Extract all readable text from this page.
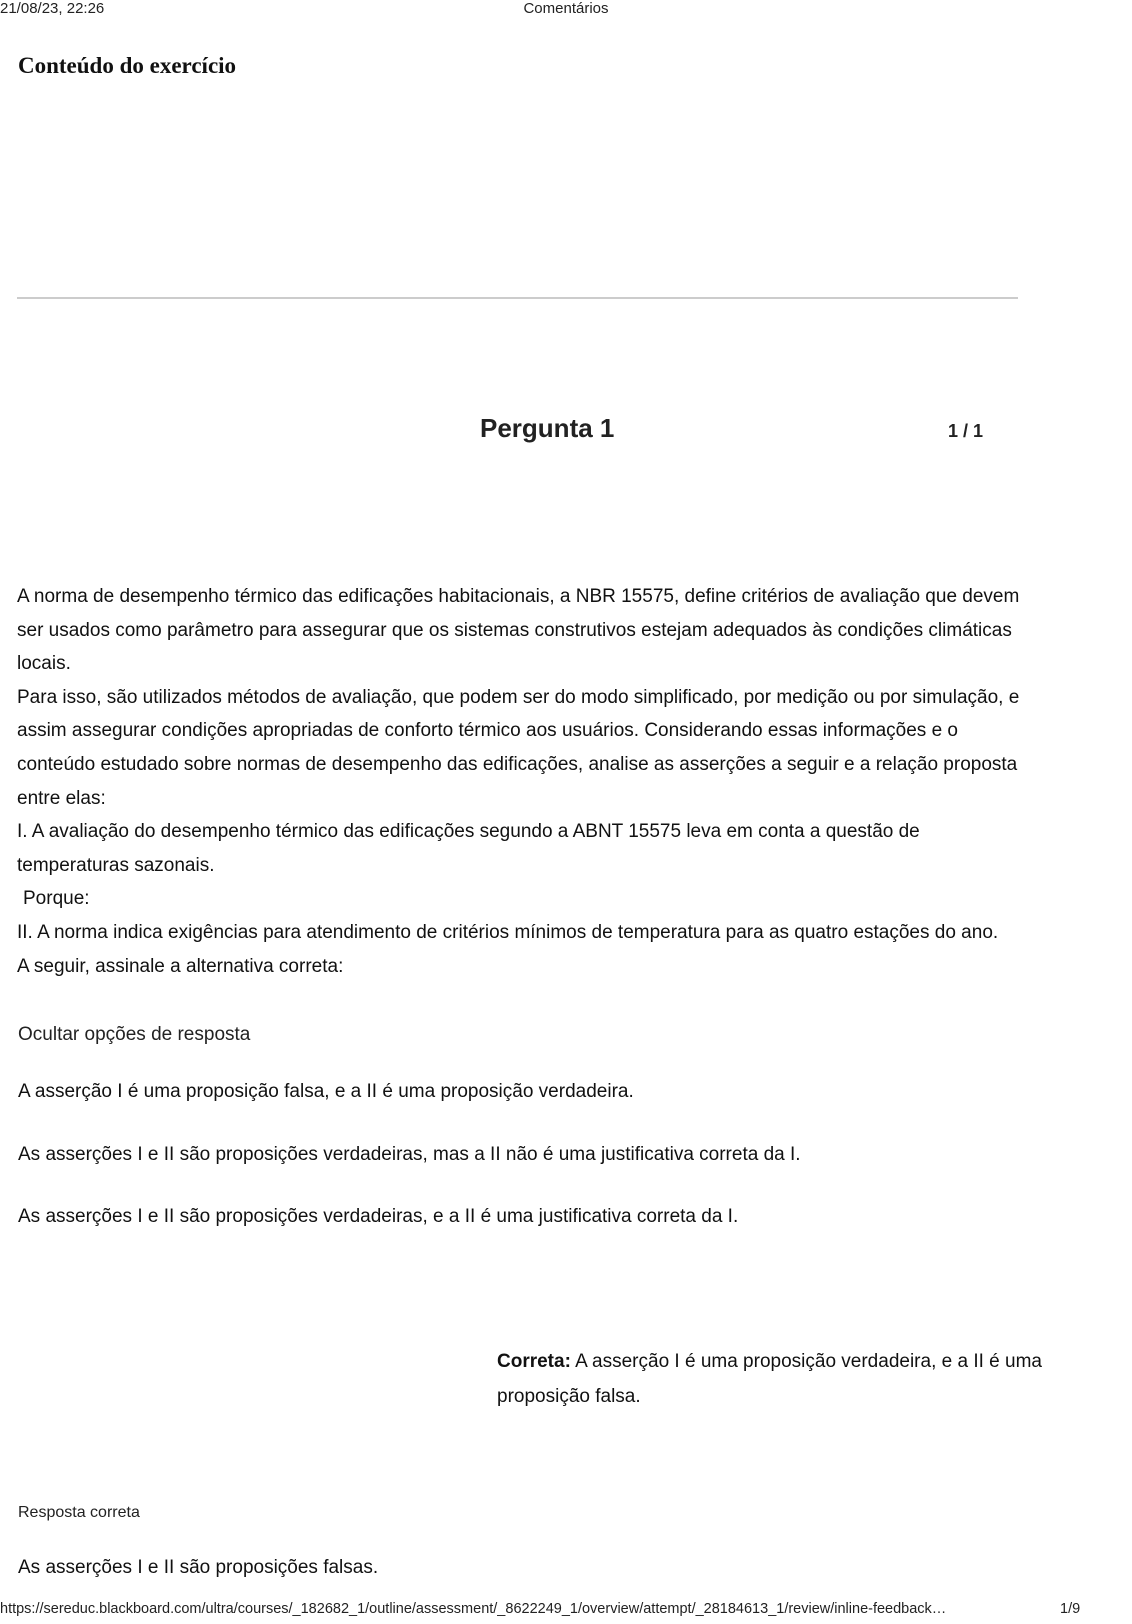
21/08/23, 22:26	Comentários
Conteúdo do exercício
Pergunta 1	1 / 1

A norma de desempenho térmico das edificações habitacionais, a NBR 15575, define critérios de avaliação que devem

ser usados como parâmetro para assegurar que os sistemas construtivos estejam adequados às condições climáticas

locais.

Para isso, são utilizados métodos de avaliação, que podem ser do modo simplificado, por medição ou por simulação, e

assim assegurar condições apropriadas de conforto térmico aos usuários. Considerando essas informações e o

conteúdo estudado sobre normas de desempenho das edificações, analise as asserções a seguir e a relação proposta

entre elas:

I. A avaliação do desempenho térmico das edificações segundo a ABNT 15575 leva em conta a questão de

temperaturas sazonais.

Porque:

II. A norma indica exigências para atendimento de critérios mínimos de temperatura para as quatro estações do ano.

A seguir, assinale a alternativa correta:

Ocultar opções de resposta
A asserção I é uma proposição falsa, e a II é uma proposição verdadeira.
As asserções I e II são proposições verdadeiras, mas a II não é uma justificativa correta da I.
As asserções I e II são proposições verdadeiras, e a II é uma justificativa correta da I.
Correta: A asserção I é uma proposição verdadeira, e a II é uma proposição falsa.
Resposta correta
As asserções I e II são proposições falsas.
https://sereduc.blackboard.com/ultra/courses/_182682_1/outline/assessment/_8622249_1/overview/attempt/_28184613_1/review/inline-feedback…	1/9
